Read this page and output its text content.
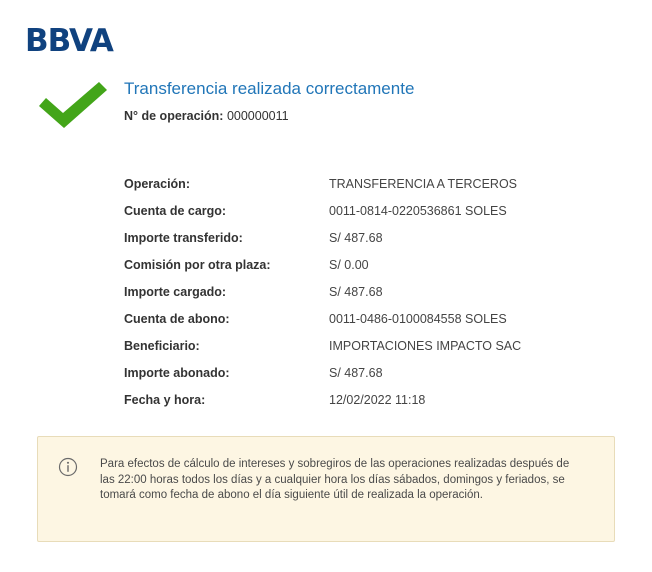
BBVA
Transferencia realizada correctamente
N° de operación: 000000011
Operación:	TRANSFERENCIA A TERCEROS
Cuenta de cargo:	0011-0814-0220536861 SOLES
Importe transferido:	S/ 487.68
Comisión por otra plaza:	S/ 0.00
Importe cargado:	S/ 487.68
Cuenta de abono:	0011-0486-0100084558 SOLES
Beneficiario:	IMPORTACIONES IMPACTO SAC
Importe abonado:	S/ 487.68
Fecha y hora:	12/02/2022 11:18
Para efectos de cálculo de intereses y sobregiros de las operaciones realizadas después de las 22:00 horas todos los días y a cualquier hora los días sábados, domingos y feriados, se tomará como fecha de abono el día siguiente útil de realizada la operación.
